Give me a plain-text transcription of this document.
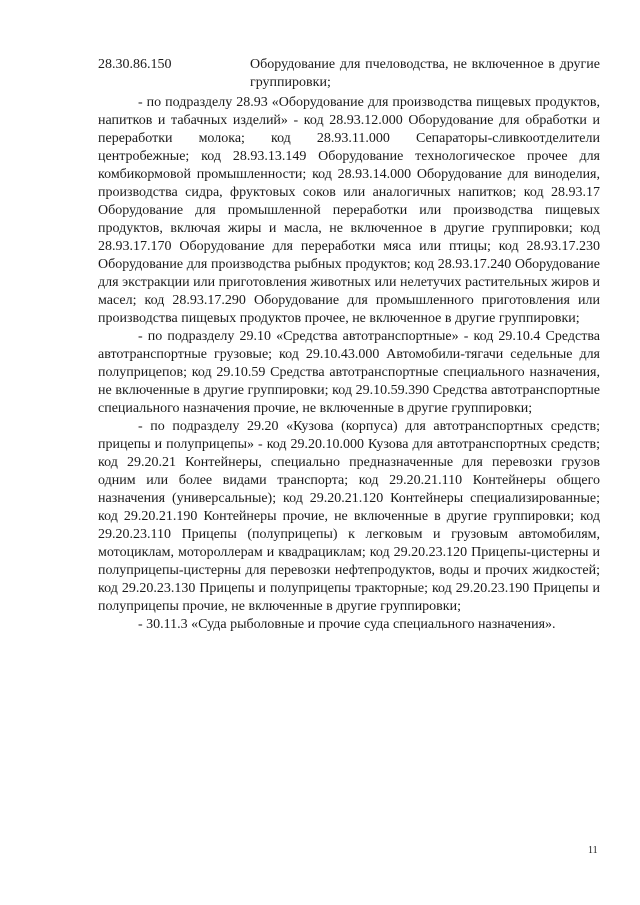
28.30.86.150	Оборудование для пчеловодства, не включенное в другие группировки;

- по подразделу 28.93 «Оборудование для производства пищевых продуктов, напитков и табачных изделий» - код 28.93.12.000 Оборудование для обработки и переработки молока; код 28.93.11.000 Сепараторы-сливкоотделители центробежные; код 28.93.13.149 Оборудование технологическое прочее для комбикормовой промышленности; код 28.93.14.000 Оборудование для виноделия, производства сидра, фруктовых соков или аналогичных напитков; код 28.93.17 Оборудование для промышленной переработки или производства пищевых продуктов, включая жиры и масла, не включенное в другие группировки; код 28.93.17.170 Оборудование для переработки мяса или птицы; код 28.93.17.230 Оборудование для производства рыбных продуктов; код 28.93.17.240 Оборудование для экстракции или приготовления животных или нелетучих растительных жиров и масел; код 28.93.17.290 Оборудование для промышленного приготовления или производства пищевых продуктов прочее, не включенное в другие группировки;

- по подразделу 29.10 «Средства автотранспортные» - код 29.10.4 Средства автотранспортные грузовые; код 29.10.43.000 Автомобили-тягачи седельные для полуприцепов; код 29.10.59 Средства автотранспортные специального назначения, не включенные в другие группировки; код 29.10.59.390 Средства автотранспортные специального назначения прочие, не включенные в другие группировки;

- по подразделу 29.20 «Кузова (корпуса) для автотранспортных средств; прицепы и полуприцепы» - код 29.20.10.000 Кузова для автотранспортных средств; код 29.20.21 Контейнеры, специально предназначенные для перевозки грузов одним или более видами транспорта; код 29.20.21.110 Контейнеры общего назначения (универсальные); код 29.20.21.120 Контейнеры специализированные; код 29.20.21.190 Контейнеры прочие, не включенные в другие группировки; код 29.20.23.110 Прицепы (полуприцепы) к легковым и грузовым автомобилям, мотоциклам, мотороллерам и квадрациклам; код 29.20.23.120 Прицепы-цистерны и полуприцепы-цистерны для перевозки нефтепродуктов, воды и прочих жидкостей; код 29.20.23.130 Прицепы и полуприцепы тракторные; код 29.20.23.190 Прицепы и полуприцепы прочие, не включенные в другие группировки;

- 30.11.3 «Суда рыболовные и прочие суда специального назначения».

11
